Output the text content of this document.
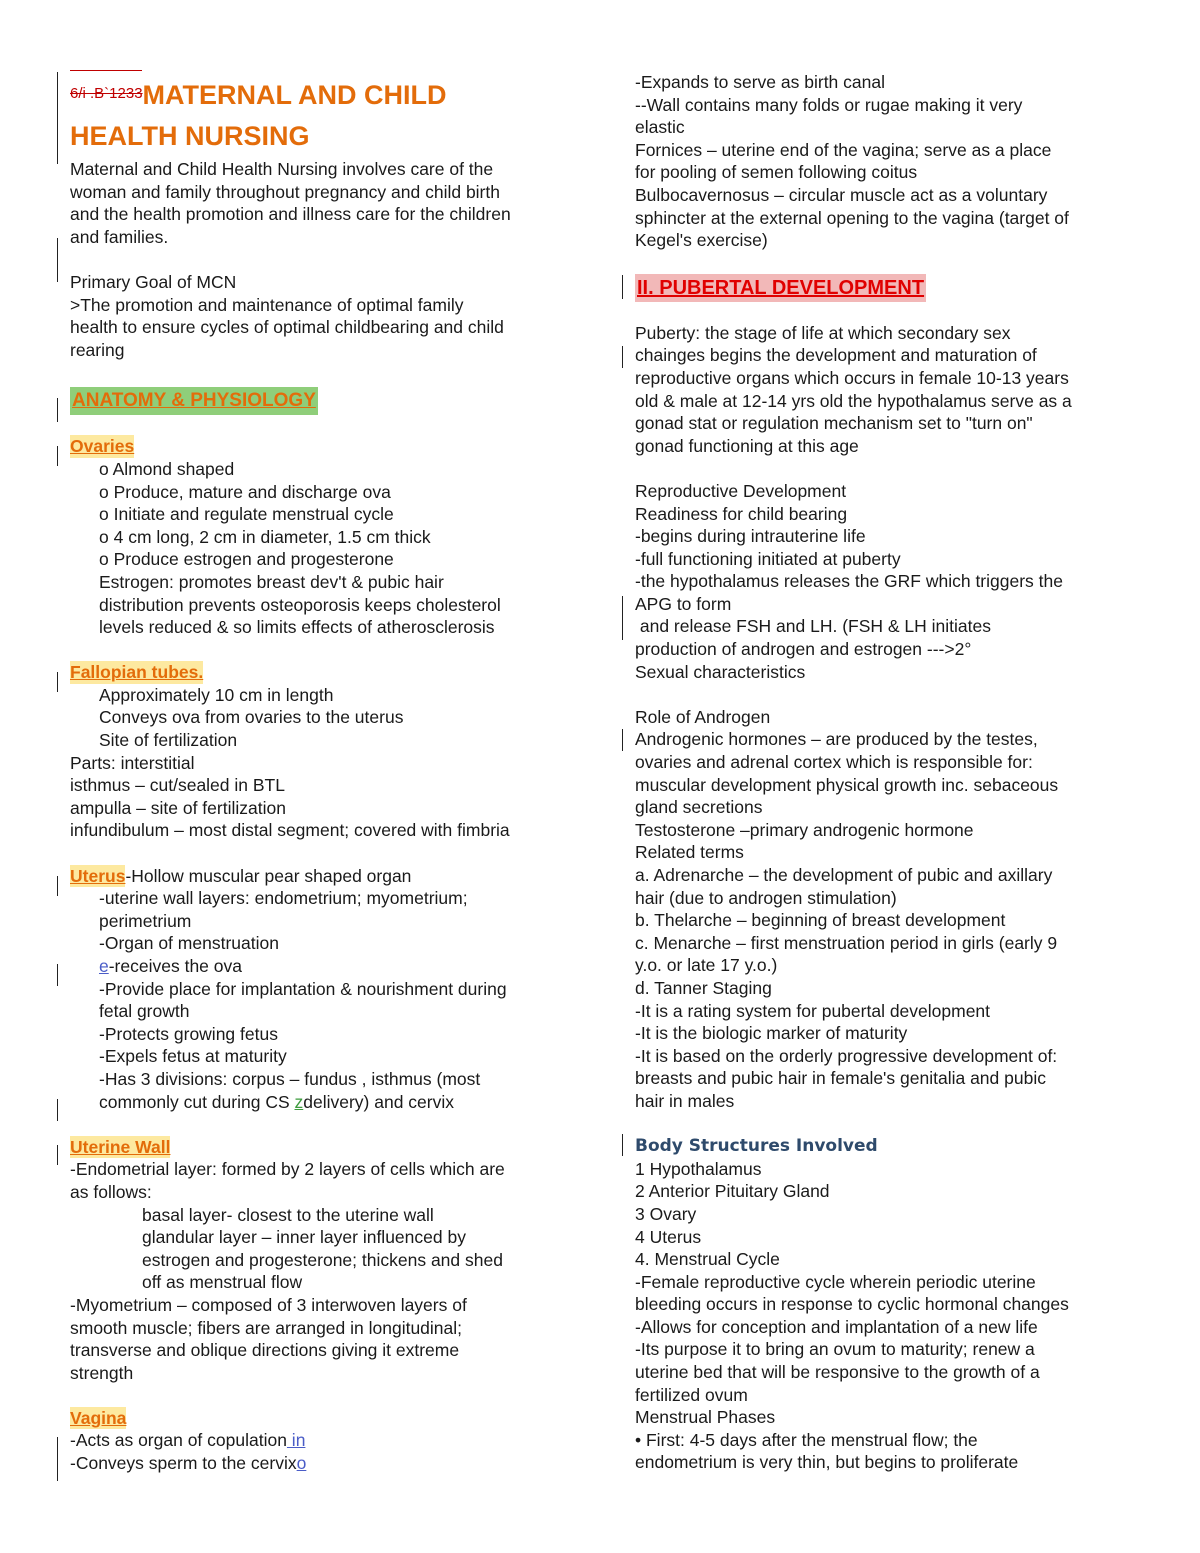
$^{6/i .B`1233}$MATERNAL AND CHILD
HEALTH NURSING
Maternal and Child Health Nursing involves care of the
woman and family throughout pregnancy and child birth
and the health promotion and illness care for the children
and families.
Primary Goal of MCN
>The promotion and maintenance of optimal family
health to ensure cycles of optimal childbearing and child
rearing
ANATOMY & PHYSIOLOGY
Ovaries
o Almond shaped
o Produce, mature and discharge ova
o Initiate and regulate menstrual cycle
o 4 cm long, 2 cm in diameter, 1.5 cm thick
o Produce estrogen and progesterone
Estrogen: promotes breast dev't & pubic hair
distribution prevents osteoporosis keeps cholesterol
levels reduced & so limits effects of atherosclerosis
Fallopian tubes.
Approximately 10 cm in length
Conveys ova from ovaries to the uterus
Site of fertilization
Parts: interstitial
isthmus – cut/sealed in BTL
ampulla – site of fertilization
infundibulum – most distal segment; covered with fimbria
Uterus-Hollow muscular pear shaped organ
-uterine wall layers: endometrium; myometrium;
perimetrium
-Organ of menstruation
e-receives the ova
-Provide place for implantation & nourishment during
fetal growth
-Protects growing fetus
-Expels fetus at maturity
-Has 3 divisions: corpus – fundus , isthmus (most
commonly cut during CS zdelivery) and cervix
Uterine Wall
-Endometrial layer: formed by 2 layers of cells which are
as follows:
basal layer- closest to the uterine wall
glandular layer – inner layer influenced by
estrogen and progesterone; thickens and shed
off as menstrual flow
-Myometrium – composed of 3 interwoven layers of
smooth muscle; fibers are arranged in longitudinal;
transverse and oblique directions giving it extreme
strength
Vagina
-Acts as organ of copulation in
-Conveys sperm to the cervixo
-Expands to serve as birth canal
--Wall contains many folds or rugae making it very
elastic
Fornices – uterine end of the vagina; serve as a place
for pooling of semen following coitus
Bulbocavernosus – circular muscle act as a voluntary
sphincter at the external opening to the vagina (target of
Kegel's exercise)
II. PUBERTAL DEVELOPMENT
Puberty: the stage of life at which secondary sex
chainges begins the development and maturation of
reproductive organs which occurs in female 10-13 years
old & male at 12-14 yrs old the hypothalamus serve as a
gonad stat or regulation mechanism set to "turn on"
gonad functioning at this age
Reproductive Development
Readiness for child bearing
-begins during intrauterine life
-full functioning initiated at puberty
-the hypothalamus releases the GRF which triggers the
APG to form
and release FSH and LH. (FSH & LH initiates
production of androgen and estrogen --->2°
Sexual characteristics
Role of Androgen
Androgenic hormones – are produced by the testes,
ovaries and adrenal cortex which is responsible for:
muscular development physical growth inc. sebaceous
gland secretions
Testosterone –primary androgenic hormone
Related terms
a. Adrenarche – the development of pubic and axillary
hair (due to androgen stimulation)
b. Thelarche – beginning of breast development
c. Menarche – first menstruation period in girls (early 9
y.o. or late 17 y.o.)
d. Tanner Staging
-It is a rating system for pubertal development
-It is the biologic marker of maturity
-It is based on the orderly progressive development of:
breasts and pubic hair in female's genitalia and pubic
hair in males
Body Structures Involved
1 Hypothalamus
2 Anterior Pituitary Gland
3 Ovary
4 Uterus
4. Menstrual Cycle
-Female reproductive cycle wherein periodic uterine
bleeding occurs in response to cyclic hormonal changes
-Allows for conception and implantation of a new life
-Its purpose it to bring an ovum to maturity; renew a
uterine bed that will be responsive to the growth of a
fertilized ovum
Menstrual Phases
• First: 4-5 days after the menstrual flow; the
endometrium is very thin, but begins to proliferate
